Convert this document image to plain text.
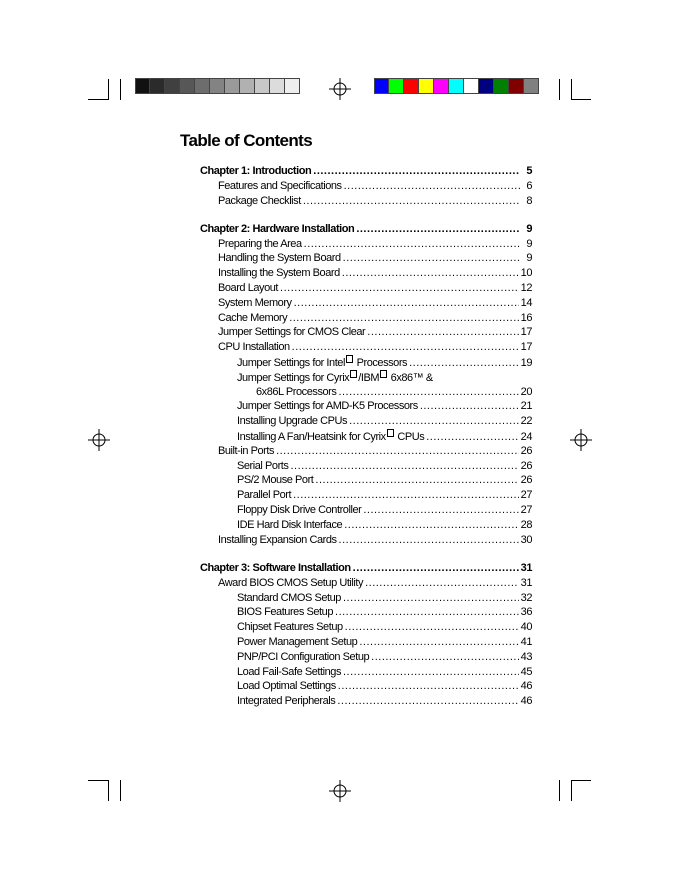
Table of Contents
Chapter 1: Introduction .....	5
Features and Specifications .....	6
Package Checklist .....	8
Chapter 2: Hardware Installation .....	9
Preparing the Area .....	9
Handling the System Board .....	9
Installing the System Board .....	10
Board Layout .....	12
System Memory .....	14
Cache Memory .....	16
Jumper Settings for CMOS Clear .....	17
CPU Installation .....	17
Jumper Settings for Intel Processors .....	19
Jumper Settings for Cyrix /IBM 6x86™ &
6x86L Processors .....	20
Jumper Settings for AMD-K5 Processors .....	21
Installing Upgrade CPUs .....	22
Installing A Fan/Heatsink for Cyrix CPUs .....	24
Built-in Ports .....	26
Serial Ports .....	26
PS/2 Mouse Port .....	26
Parallel Port .....	27
Floppy Disk Drive Controller .....	27
IDE Hard Disk Interface .....	28
Installing Expansion Cards .....	30
Chapter 3: Software Installation .....	31
Award BIOS CMOS Setup Utility .....	31
Standard CMOS Setup .....	32
BIOS Features Setup .....	36
Chipset Features Setup .....	40
Power Management Setup .....	41
PNP/PCI Configuration Setup .....	43
Load Fail-Safe Settings .....	45
Load Optimal Settings .....	46
Integrated Peripherals .....	46
